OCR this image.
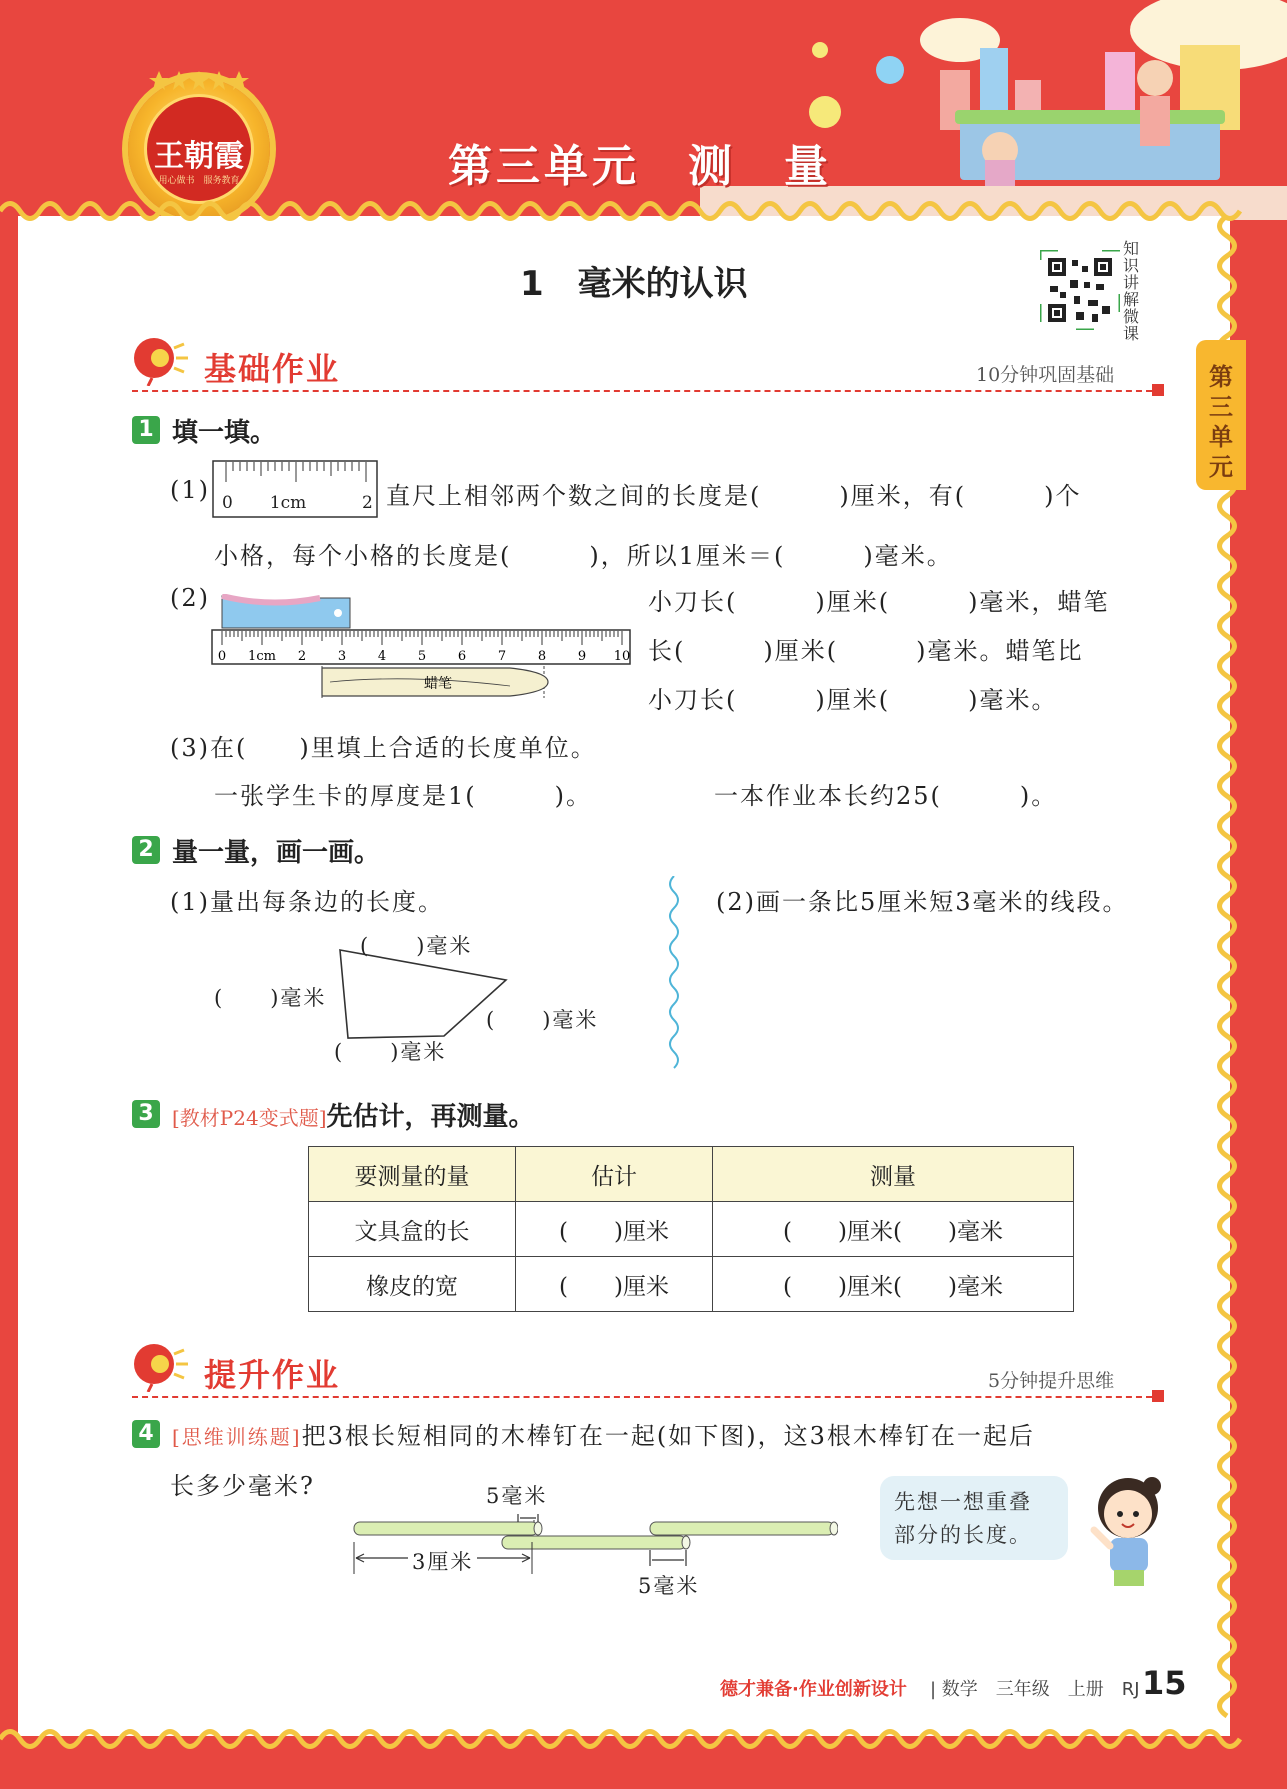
王朝霞
用心做书　服务教育	第三单元　测　量
第三单元
1　毫米的认识
知识讲解微课
基础作业	10分钟巩固基础
1 填一填。
(1) 0 1cm	2 直尺上相邻两个数之间的长度是(　　　)厘米，有(　　　)个
小格，每个小格的长度是(　　　)，所以1厘米＝(　　　)毫米。
(2)
0 1cm 2 3 4 5 6 7 8 9 10
蜡笔
小刀长(　　　)厘米(　　　)毫米，蜡笔
长(　　　)厘米(　　　)毫米。蜡笔比
小刀长(　　　)厘米(　　　)毫米。
(3)在(　　)里填上合适的长度单位。
一张学生卡的厚度是1(　　　)。	一本作业本长约25(　　　)。
2 量一量，画一画。
(1)量出每条边的长度。	(2)画一条比5厘米短3毫米的线段。
(　　)毫米
(　　)毫米
(　　)毫米
(　　)毫米
3 [教材P24变式题]先估计，再测量。
要测量的量	估计	测量
文具盒的长	(　　)厘米	(　　)厘米(　　)毫米
橡皮的宽	(　　)厘米	(　　)厘米(　　)毫米
提升作业	5分钟提升思维
4 [思维训练题]把3根长短相同的木棒钉在一起(如下图)，这3根木棒钉在一起后
长多少毫米?	5毫米
3厘米
5毫米
先想一想重叠部分的长度。
德才兼备·作业创新设计 | 数学　三年级　上册　RJ 15
